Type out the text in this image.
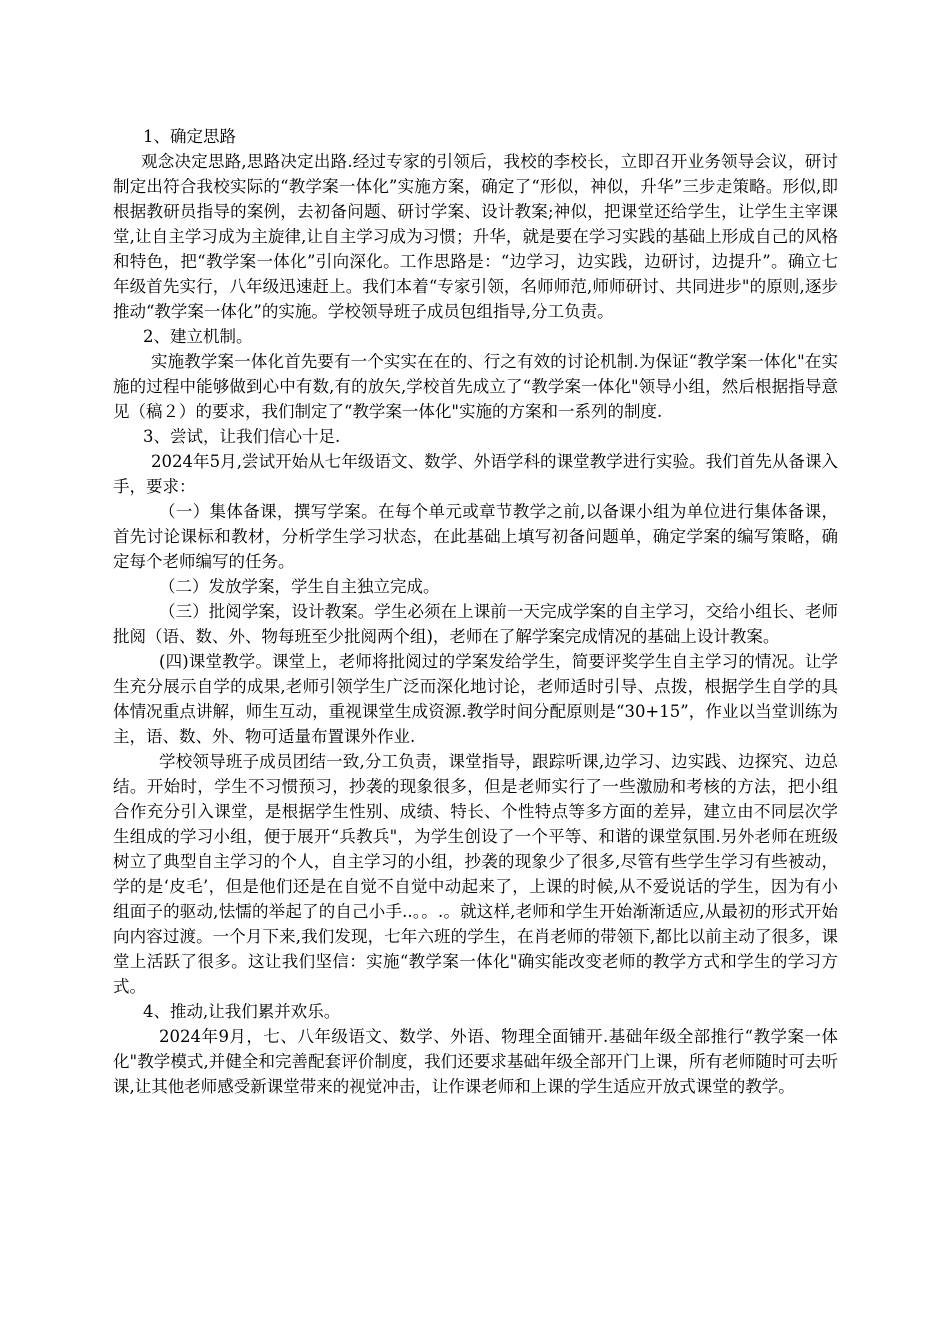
1、确定思路

观念决定思路,思路决定出路.经过专家的引领后，我校的李校长，立即召开业务领导会议，研讨制定出符合我校实际的“教学案一体化”实施方案，确定了“形似，神似，升华”三步走策略。形似,即根据教研员指导的案例，去初备问题、研讨学案、设计教案;神似，把课堂还给学生，让学生主宰课堂,让自主学习成为主旋律,让自主学习成为习惯；升华，就是要在学习实践的基础上形成自己的风格和特色，把“教学案一体化”引向深化。工作思路是：“边学习，边实践，边研讨，边提升”。确立七年级首先实行，八年级迅速赶上。我们本着“专家引领，名师师范,师师研讨、共同进步"的原则,逐步推动“教学案一体化”的实施。学校领导班子成员包组指导,分工负责。

2、建立机制。

实施教学案一体化首先要有一个实实在在的、行之有效的讨论机制.为保证“教学案一体化"在实施的过程中能够做到心中有数,有的放矢,学校首先成立了“教学案一体化"领导小组，然后根据指导意见（稿２）的要求，我们制定了“教学案一体化"实施的方案和一系列的制度.

3、尝试，让我们信心十足.

2024年5月,尝试开始从七年级语文、数学、外语学科的课堂教学进行实验。我们首先从备课入手，要求：

（一）集体备课，撰写学案。在每个单元或章节教学之前,以备课小组为单位进行集体备课，首先讨论课标和教材，分析学生学习状态，在此基础上填写初备问题单，确定学案的编写策略，确定每个老师编写的任务。

（二）发放学案，学生自主独立完成。

（三）批阅学案，设计教案。学生必须在上课前一天完成学案的自主学习，交给小组长、老师批阅（语、数、外、物每班至少批阅两个组)，老师在了解学案完成情况的基础上设计教案。

(四)课堂教学。课堂上，老师将批阅过的学案发给学生，简要评奖学生自主学习的情况。让学生充分展示自学的成果,老师引领学生广泛而深化地讨论，老师适时引导、点拨，根据学生自学的具体情况重点讲解，师生互动，重视课堂生成资源.教学时间分配原则是“30+15”，作业以当堂训练为主，语、数、外、物可适量布置课外作业.

学校领导班子成员团结一致,分工负责，课堂指导，跟踪听课,边学习、边实践、边探究、边总结。开始时，学生不习惯预习，抄袭的现象很多，但是老师实行了一些激励和考核的方法，把小组合作充分引入课堂，是根据学生性别、成绩、特长、个性特点等多方面的差异，建立由不同层次学生组成的学习小组，便于展开“兵教兵"，为学生创设了一个平等、和谐的课堂氛围.另外老师在班级树立了典型自主学习的个人，自主学习的小组，抄袭的现象少了很多,尽管有些学生学习有些被动，学的是‘皮毛’，但是他们还是在自觉不自觉中动起来了，上课的时候,从不爱说话的学生，因为有小组面子的驱动,怯懦的举起了的自己小手..。。.。就这样,老师和学生开始渐渐适应,从最初的形式开始向内容过渡。一个月下来,我们发现，七年六班的学生，在肖老师的带领下,都比以前主动了很多，课堂上活跃了很多。这让我们坚信：实施“教学案一体化"确实能改变老师的教学方式和学生的学习方式。

4、推动,让我们累并欢乐。

2024年9月，七、八年级语文、数学、外语、物理全面铺开.基础年级全部推行“教学案一体化"教学模式,并健全和完善配套评价制度，我们还要求基础年级全部开门上课，所有老师随时可去听课,让其他老师感受新课堂带来的视觉冲击，让作课老师和上课的学生适应开放式课堂的教学。
